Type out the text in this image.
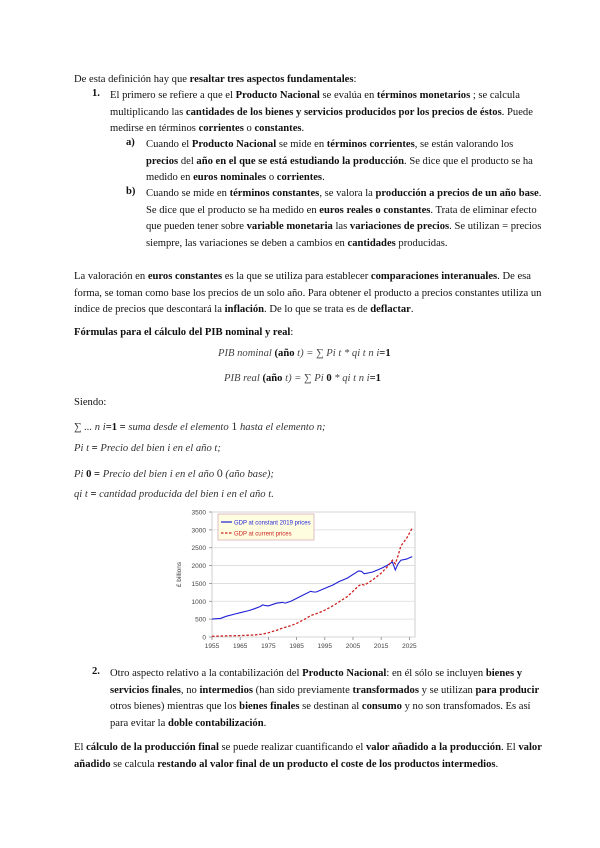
De esta definición hay que resaltar tres aspectos fundamentales:
1. El primero se refiere a que el Producto Nacional se evalúa en términos monetarios ; se calcula multiplicando las cantidades de los bienes y servicios producidos por los precios de éstos. Puede medirse en términos corrientes o constantes.
a) Cuando el Producto Nacional se mide en términos corrientes, se están valorando los precios del año en el que se está estudiando la producción. Se dice que el producto se ha medido en euros nominales o corrientes.
b) Cuando se mide en términos constantes, se valora la producción a precios de un año base. Se dice que el producto se ha medido en euros reales o constantes. Trata de eliminar efecto que pueden tener sobre variable monetaria las variaciones de precios. Se utilizan = precios siempre, las variaciones se deben a cambios en cantidades producidas.
La valoración en euros constantes es la que se utiliza para establecer comparaciones interanuales. De esa forma, se toman como base los precios de un solo año. Para obtener el producto a precios constantes utiliza un índice de precios que descontará la inflación. De lo que se trata es de deflactar.
Fórmulas para el cálculo del PIB nominal y real:
PIB nominal (año t) = ∑ Pi t * qi t n i=1
PIB real (año t) = ∑ Pi 0 * qi t n i=1
Siendo:
∑ ... n i=1 = suma desde el elemento 1 hasta el elemento n;
Pi t = Precio del bien i en el año t;
Pi 0 = Precio del bien i en el año 0 (año base);
qi t = cantidad producida del bien i en el año t.
0
500
1000
1500
2000
2500
3000
3500
1955 1965 1975 1985 1995 2005 2015 2025
£ billions
GDP at constant 2019 prices
GDP at current prices
2. Otro aspecto relativo a la contabilización del Producto Nacional: en él sólo se incluyen bienes y servicios finales, no intermedios (han sido previamente transformados y se utilizan para producir otros bienes) mientras que los bienes finales se destinan al consumo y no son transfomados. Es así para evitar la doble contabilización.
El cálculo de la producción final se puede realizar cuantificando el valor añadido a la producción. El valor añadido se calcula restando al valor final de un producto el coste de los productos intermedios.
